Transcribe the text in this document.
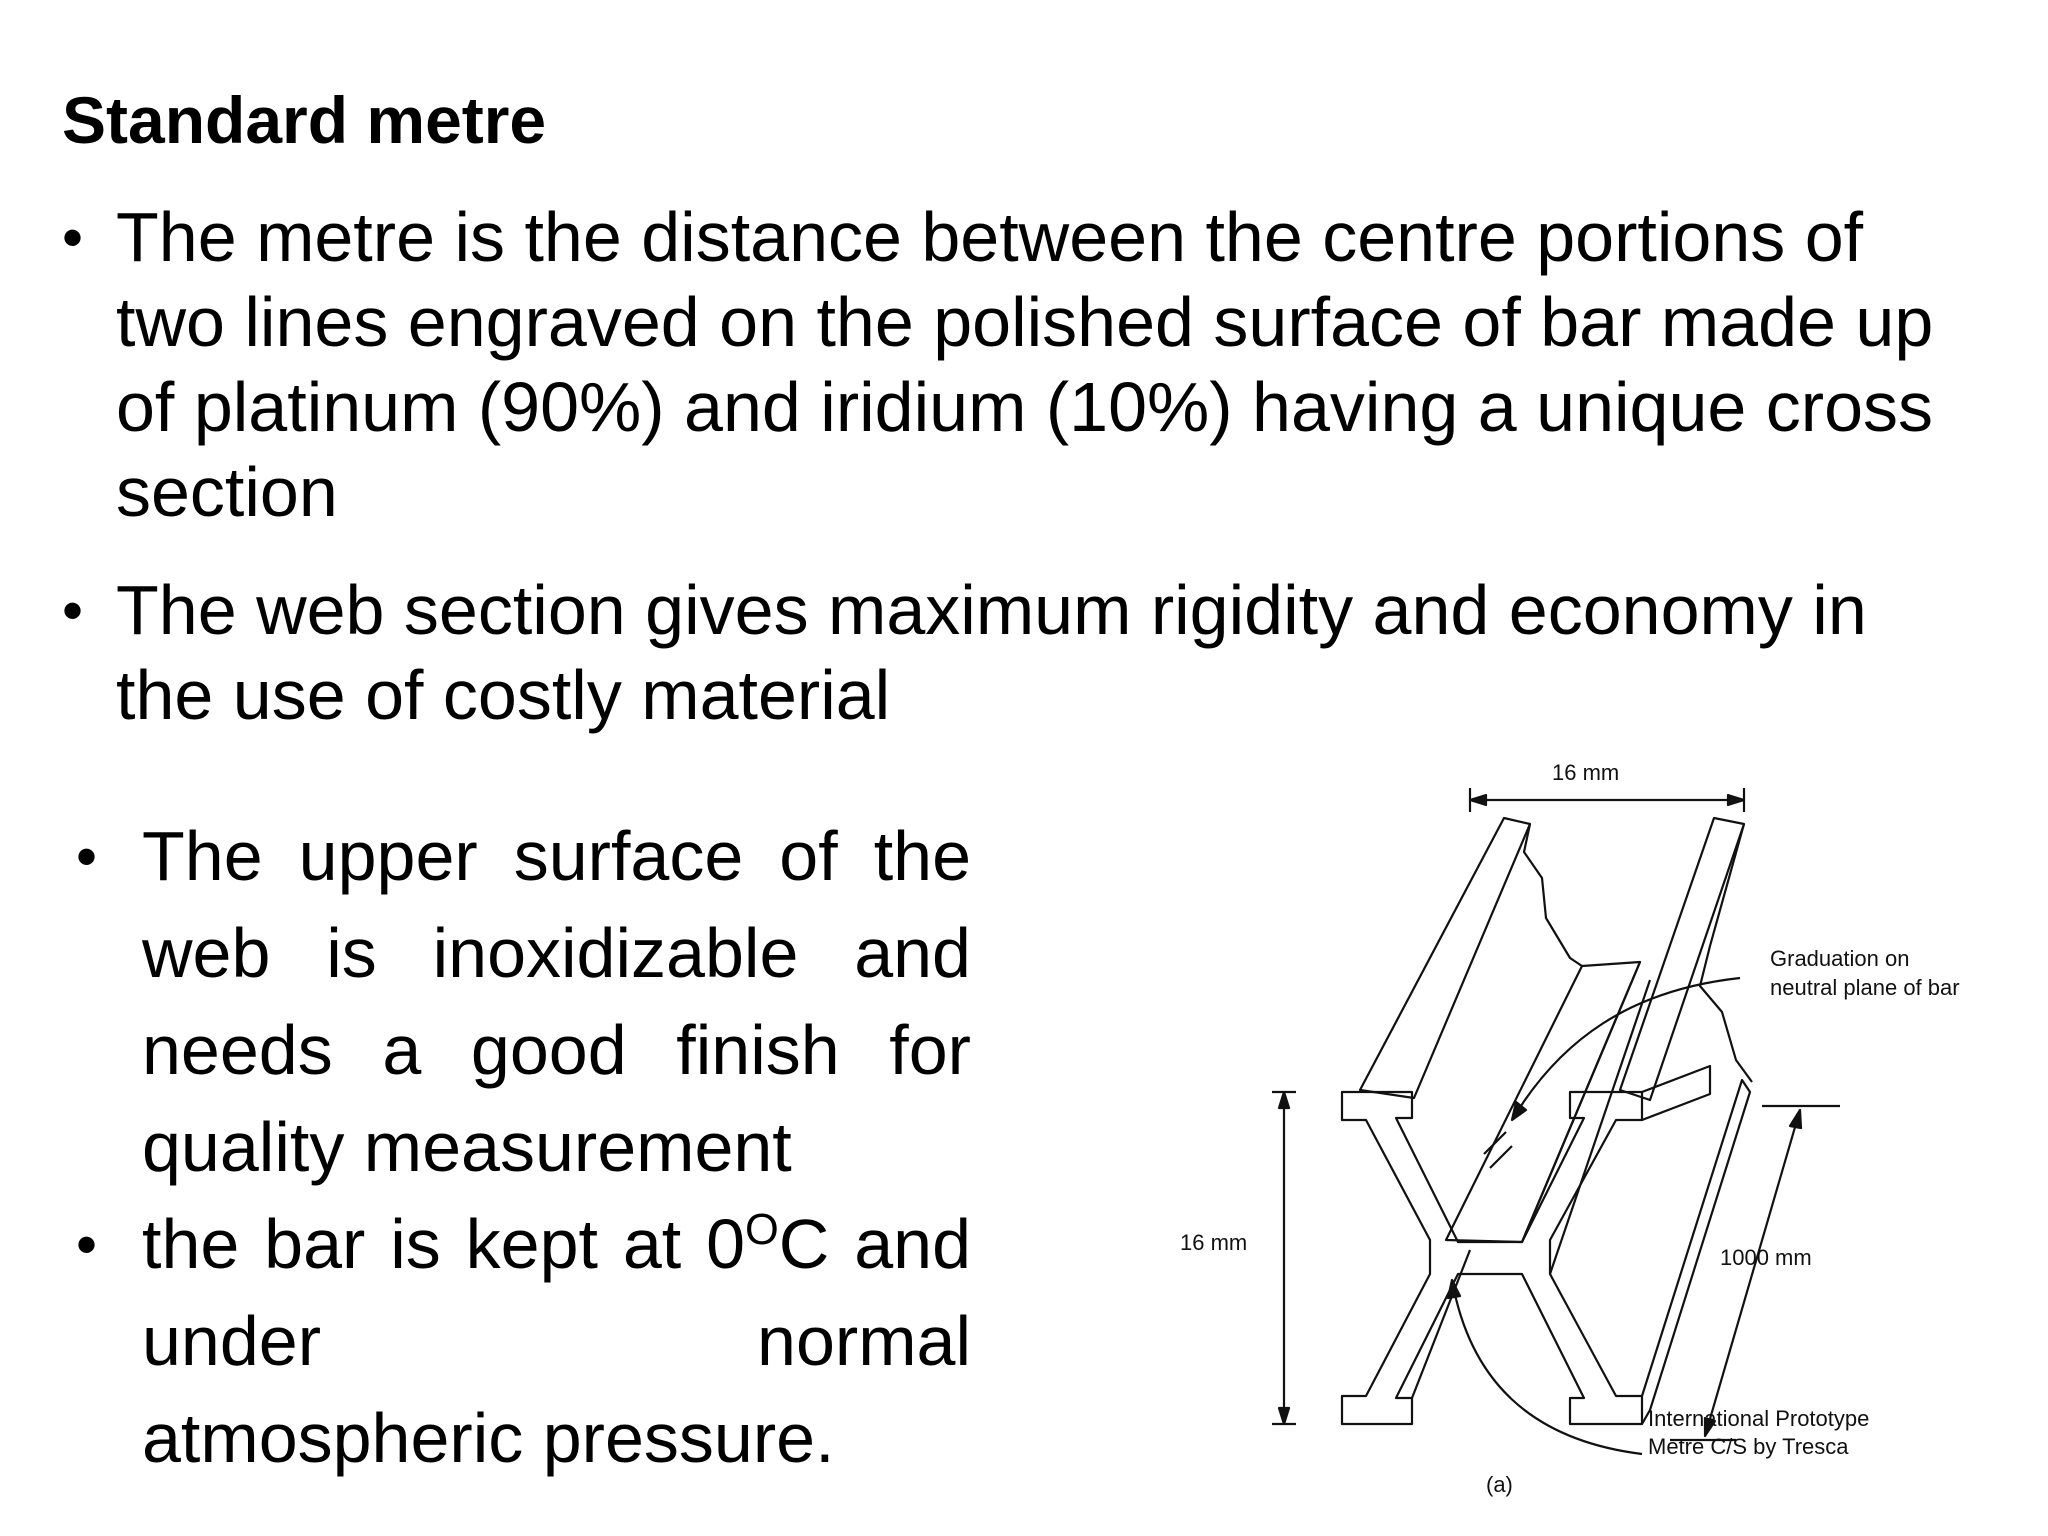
Standard metre
• The metre is the distance between the centre portions of two lines engraved on the polished surface of bar made up of platinum (90%) and iridium (10%) having a unique cross section
• The web section gives maximum rigidity and economy in the use of costly material
• The upper surface of the
web is inoxidizable and
needs a good finish for
quality measurement
• the bar is kept at $0^OC$ and
under normal
atmospheric pressure.
16 mm
Graduation on
neutral plane of bar
16 mm
1000 mm
International Prototype
Metre C/S by Tresca
(a)
